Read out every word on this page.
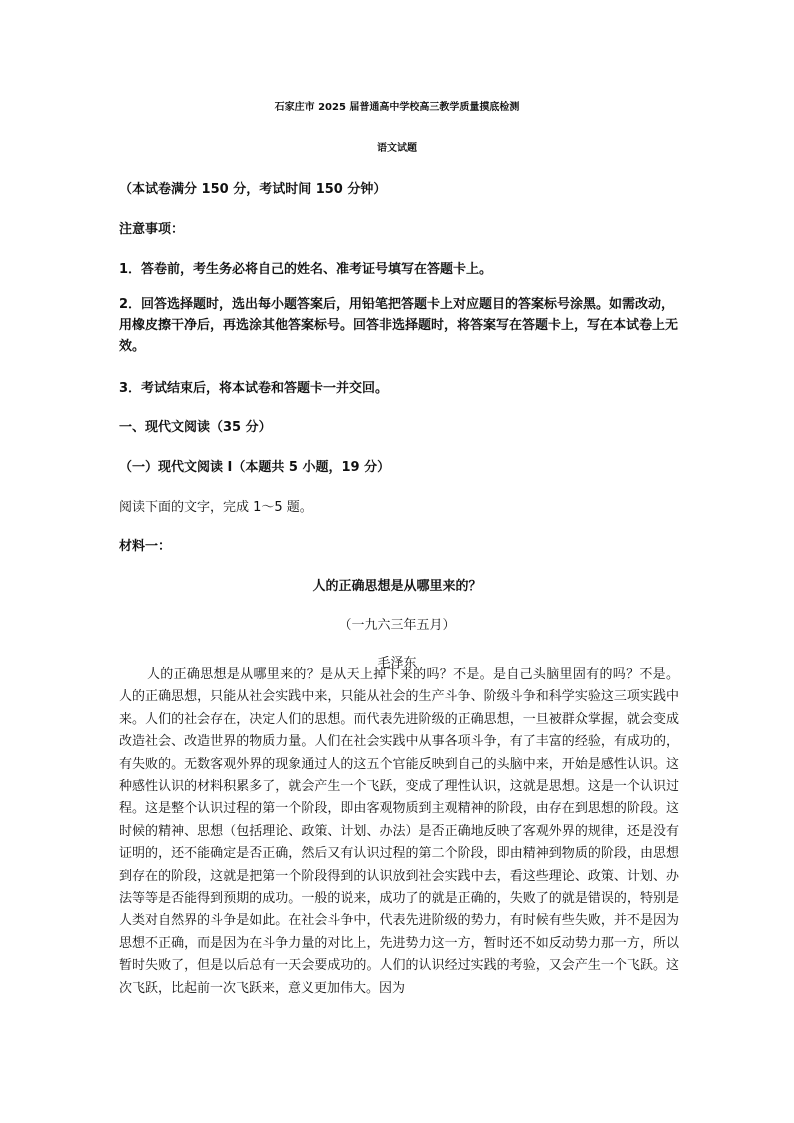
石家庄市 2025 届普通高中学校高三教学质量摸底检测

语文试题

（本试卷满分 150 分，考试时间 150 分钟）

注意事项：

1．答卷前，考生务必将自己的姓名、准考证号填写在答题卡上。

2．回答选择题时，选出每小题答案后，用铅笔把答题卡上对应题目的答案标号涂黑。如需改动，用橡皮擦干净后，再选涂其他答案标号。回答非选择题时，将答案写在答题卡上，写在本试卷上无效。

3．考试结束后，将本试卷和答题卡一并交回。

一、现代文阅读（35 分）

（一）现代文阅读 Ⅰ（本题共 5 小题，19 分）

阅读下面的文字，完成 1～5 题。

材料一：

人的正确思想是从哪里来的？

（一九六三年五月）

毛泽东

人的正确思想是从哪里来的？是从天上掉下来的吗？不是。是自己头脑里固有的吗？不是。人的正确思想，只能从社会实践中来，只能从社会的生产斗争、阶级斗争和科学实验这三项实践中来。人们的社会存在，决定人们的思想。而代表先进阶级的正确思想，一旦被群众掌握，就会变成改造社会、改造世界的物质力量。人们在社会实践中从事各项斗争，有了丰富的经验，有成功的，有失败的。无数客观外界的现象通过人的这五个官能反映到自己的头脑中来，开始是感性认识。这种感性认识的材料积累多了，就会产生一个飞跃，变成了理性认识，这就是思想。这是一个认识过程。这是整个认识过程的第一个阶段，即由客观物质到主观精神的阶段，由存在到思想的阶段。这时候的精神、思想（包括理论、政策、计划、办法）是否正确地反映了客观外界的规律，还是没有证明的，还不能确定是否正确，然后又有认识过程的第二个阶段，即由精神到物质的阶段，由思想到存在的阶段，这就是把第一个阶段得到的认识放到社会实践中去，看这些理论、政策、计划、办法等等是否能得到预期的成功。一般的说来，成功了的就是正确的，失败了的就是错误的，特别是人类对自然界的斗争是如此。在社会斗争中，代表先进阶级的势力，有时候有些失败，并不是因为思想不正确，而是因为在斗争力量的对比上，先进势力这一方，暂时还不如反动势力那一方，所以暂时失败了，但是以后总有一天会要成功的。人们的认识经过实践的考验，又会产生一个飞跃。这次飞跃，比起前一次飞跃来，意义更加伟大。因为
